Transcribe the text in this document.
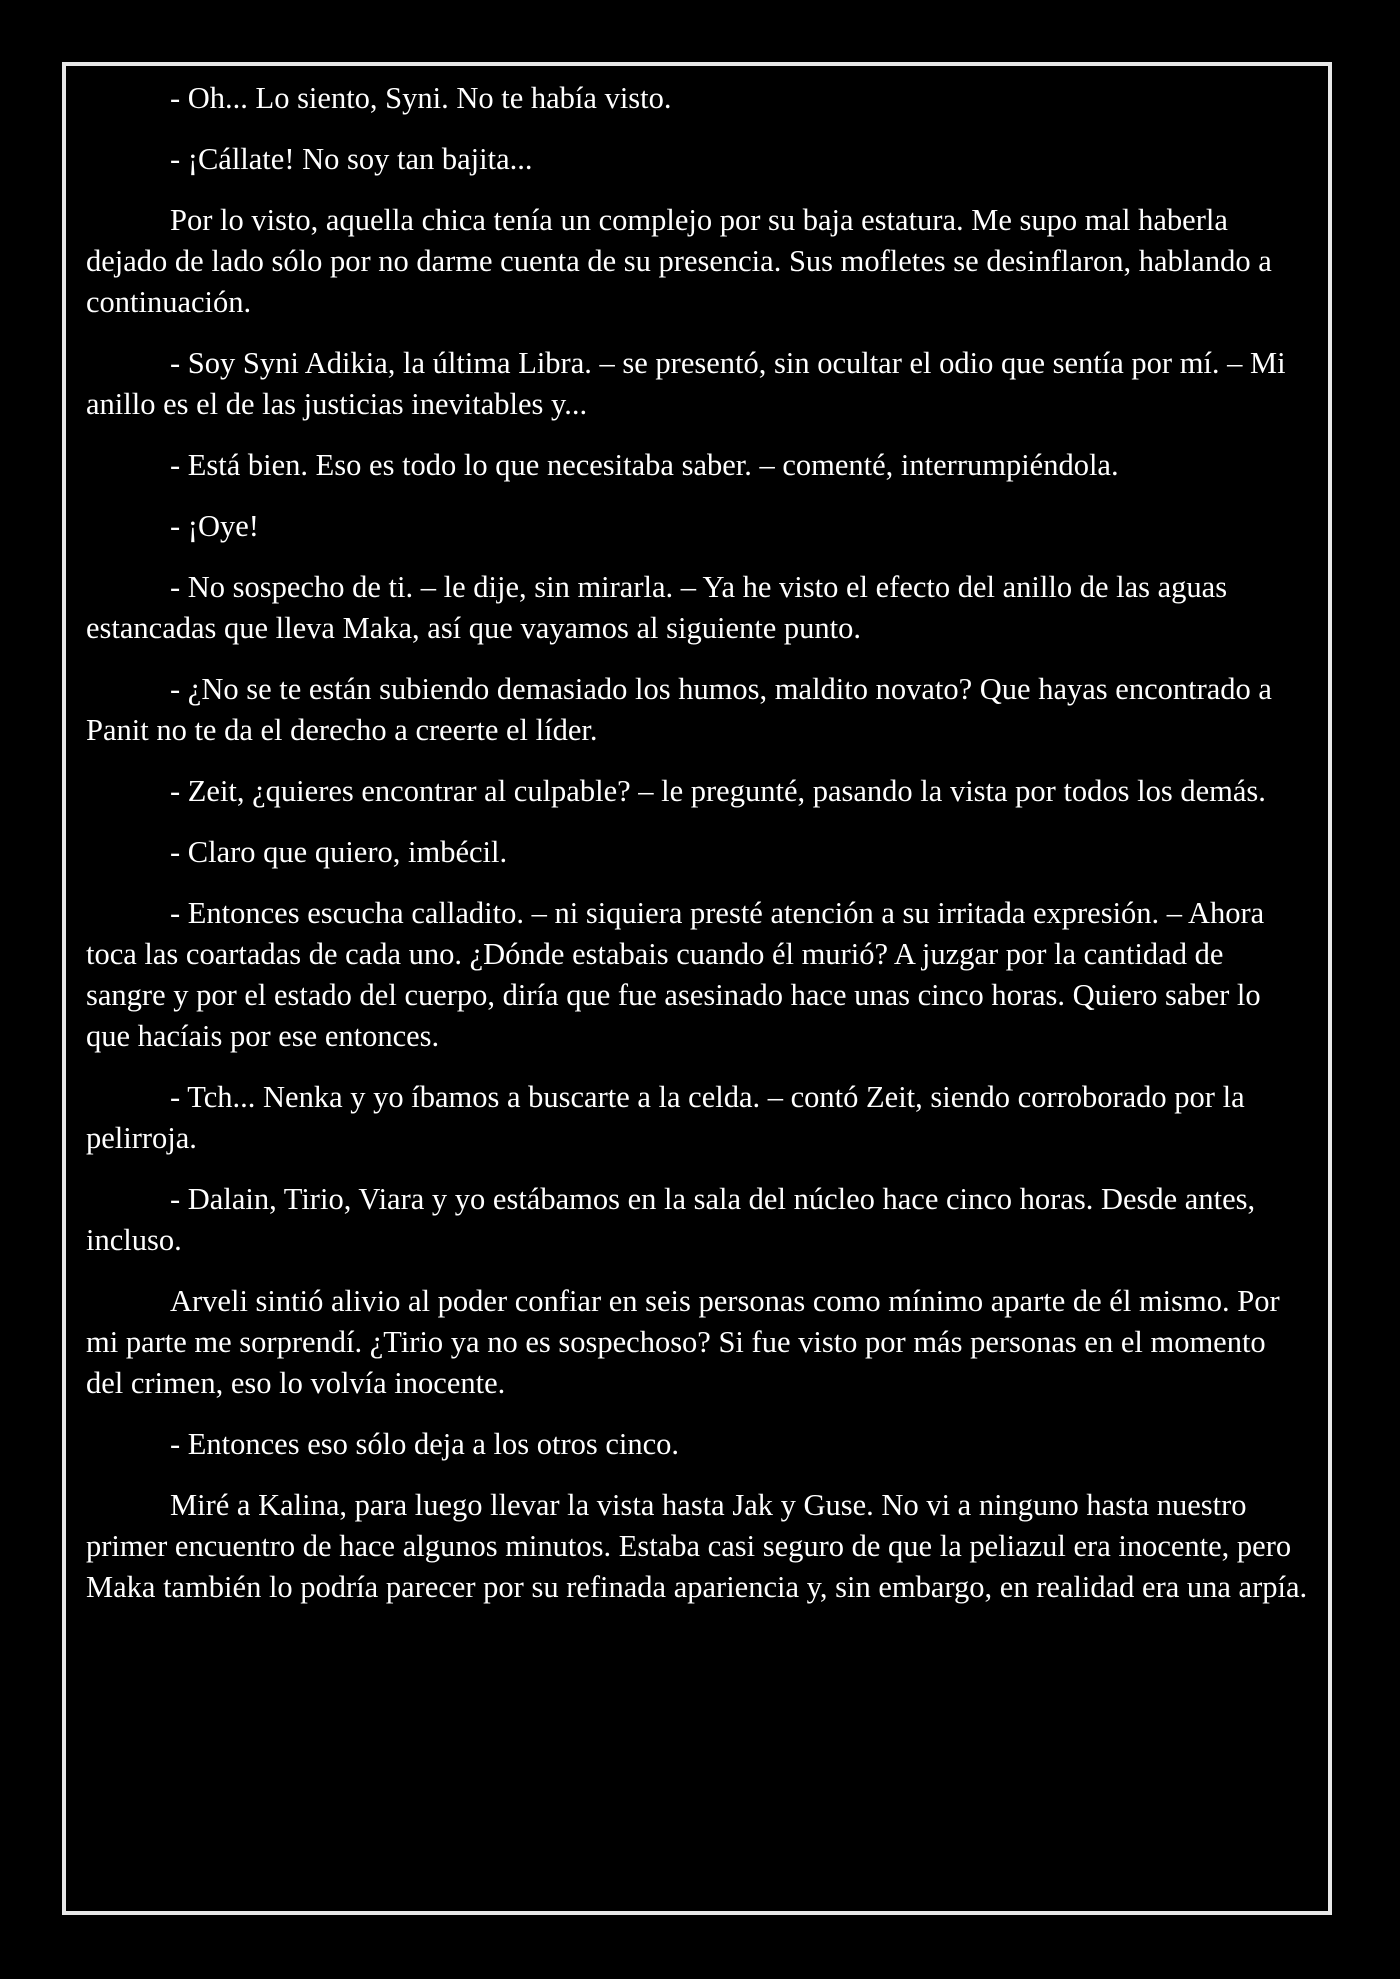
- Oh... Lo siento, Syni. No te había visto.

- ¡Cállate! No soy tan bajita...

Por lo visto, aquella chica tenía un complejo por su baja estatura. Me supo mal haberla dejado de lado sólo por no darme cuenta de su presencia. Sus mofletes se desinflaron, hablando a continuación.

- Soy Syni Adikia, la última Libra. – se presentó, sin ocultar el odio que sentía por mí. – Mi anillo es el de las justicias inevitables y...

- Está bien. Eso es todo lo que necesitaba saber. – comenté, interrumpiéndola.

- ¡Oye!

- No sospecho de ti. – le dije, sin mirarla. – Ya he visto el efecto del anillo de las aguas estancadas que lleva Maka, así que vayamos al siguiente punto.

- ¿No se te están subiendo demasiado los humos, maldito novato? Que hayas encontrado a Panit no te da el derecho a creerte el líder.

- Zeit, ¿quieres encontrar al culpable? – le pregunté, pasando la vista por todos los demás.

- Claro que quiero, imbécil.

- Entonces escucha calladito. – ni siquiera presté atención a su irritada expresión. – Ahora toca las coartadas de cada uno. ¿Dónde estabais cuando él murió? A juzgar por la cantidad de sangre y por el estado del cuerpo, diría que fue asesinado hace unas cinco horas. Quiero saber lo que hacíais por ese entonces.

- Tch... Nenka y yo íbamos a buscarte a la celda. – contó Zeit, siendo corroborado por la pelirroja.

- Dalain, Tirio, Viara y yo estábamos en la sala del núcleo hace cinco horas. Desde antes, incluso.

Arveli sintió alivio al poder confiar en seis personas como mínimo aparte de él mismo. Por mi parte me sorprendí. ¿Tirio ya no es sospechoso? Si fue visto por más personas en el momento del crimen, eso lo volvía inocente.

- Entonces eso sólo deja a los otros cinco.

Miré a Kalina, para luego llevar la vista hasta Jak y Guse. No vi a ninguno hasta nuestro primer encuentro de hace algunos minutos. Estaba casi seguro de que la peliazul era inocente, pero Maka también lo podría parecer por su refinada apariencia y, sin embargo, en realidad era una arpía.
